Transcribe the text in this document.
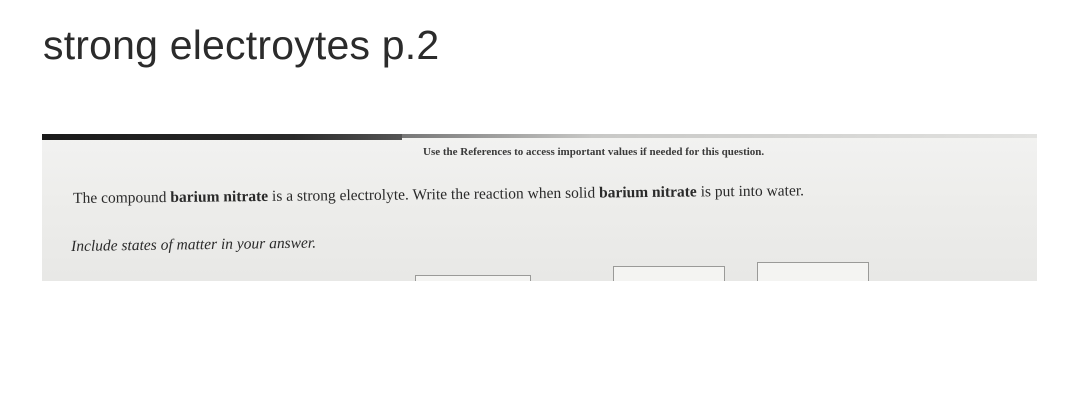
strong electroytes p.2
Use the References to access important values if needed for this question.
The compound barium nitrate is a strong electrolyte. Write the reaction when solid barium nitrate is put into water.
Include states of matter in your answer.
